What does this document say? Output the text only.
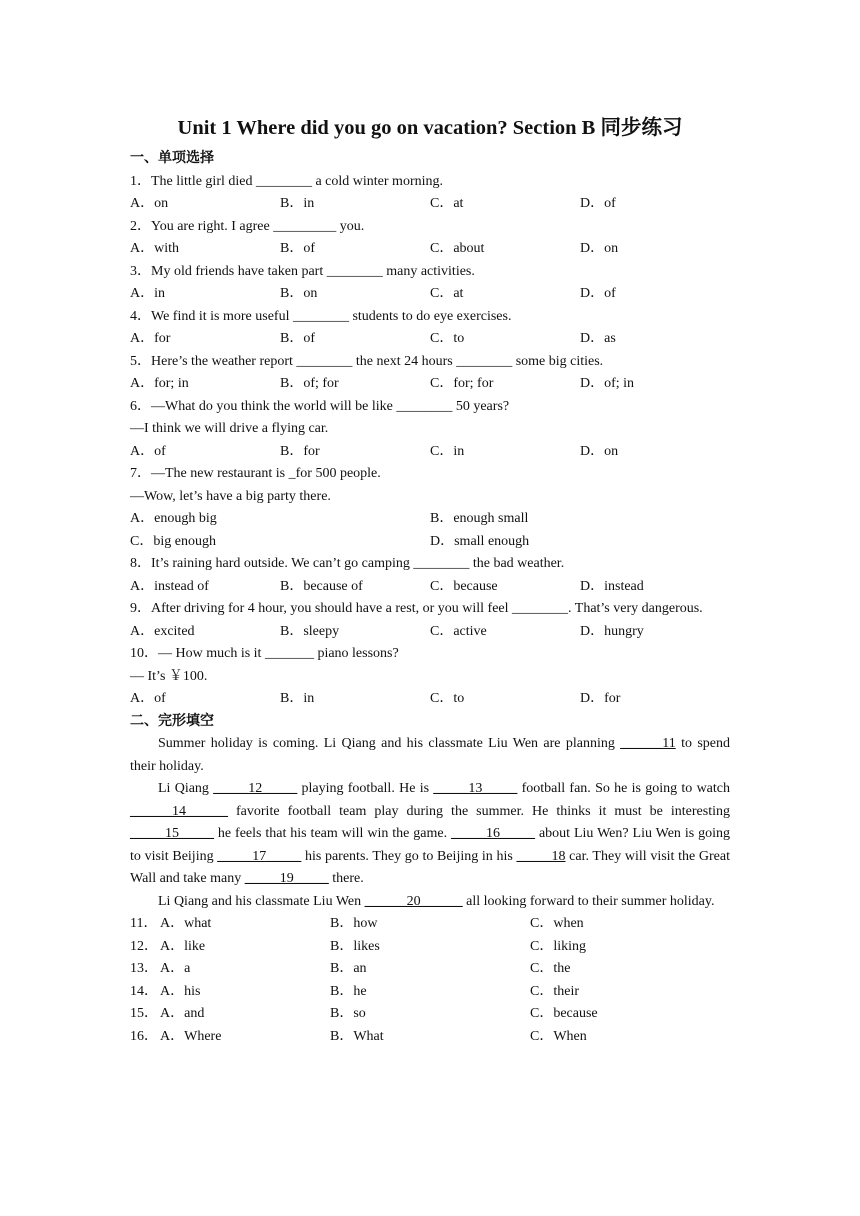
Unit 1 Where did you go on vacation? Section B 同步练习
一、单项选择
1．The little girl died ________ a cold winter morning.
A．on	B．in	C．at	D．of
2．You are right. I agree _________ you.
A．with	B．of	C．about	D．on
3．My old friends have taken part ________ many activities.
A．in	B．on	C．at	D．of
4．We find it is more useful ________ students to do eye exercises.
A．for	B．of	C．to	D．as
5．Here’s the weather report ________ the next 24 hours ________ some big cities.
A．for; in	B．of; for	C．for; for	D．of; in
6．—What do you think the world will be like ________ 50 years?
—I think we will drive a flying car.
A．of	B．for	C．in	D．on
7．—The new restaurant is _for 500 people.
—Wow, let’s have a big party there.
A．enough big	B．enough small
C．big enough	D．small enough
8．It’s raining hard outside. We can’t go camping ________ the bad weather.
A．instead of	B．because of	C．because	D．instead
9．After driving for 4 hour, you should have a rest, or you will feel ________. That’s very dangerous.
A．excited	B．sleepy	C．active	D．hungry
10．— How much is it _______ piano lessons?
— It’s ￥100.
A．of	B．in	C．to	D．for
二、完形填空
Summer holiday is coming. Li Qiang and his classmate Liu Wen are planning ______11 to spend their holiday.
Li Qiang _____12_____ playing football. He is _____13_____ football fan. So he is going to watch ______14______ favorite football team play during the summer. He thinks it must be interesting _____15_____ he feels that his team will win the game. _____16_____ about Liu Wen? Liu Wen is going to visit Beijing _____17_____ his parents. They go to Beijing in his _____18 car. They will visit the Great Wall and take many _____19_____ there.
Li Qiang and his classmate Liu Wen ______20______ all looking forward to their summer holiday.
11． A．what	B．how	C．when
12． A．like	B．likes	C．liking
13． A．a	B．an	C．the
14． A．his	B．he	C．their
15． A．and	B．so	C．because
16． A．Where	B．What	C．When
